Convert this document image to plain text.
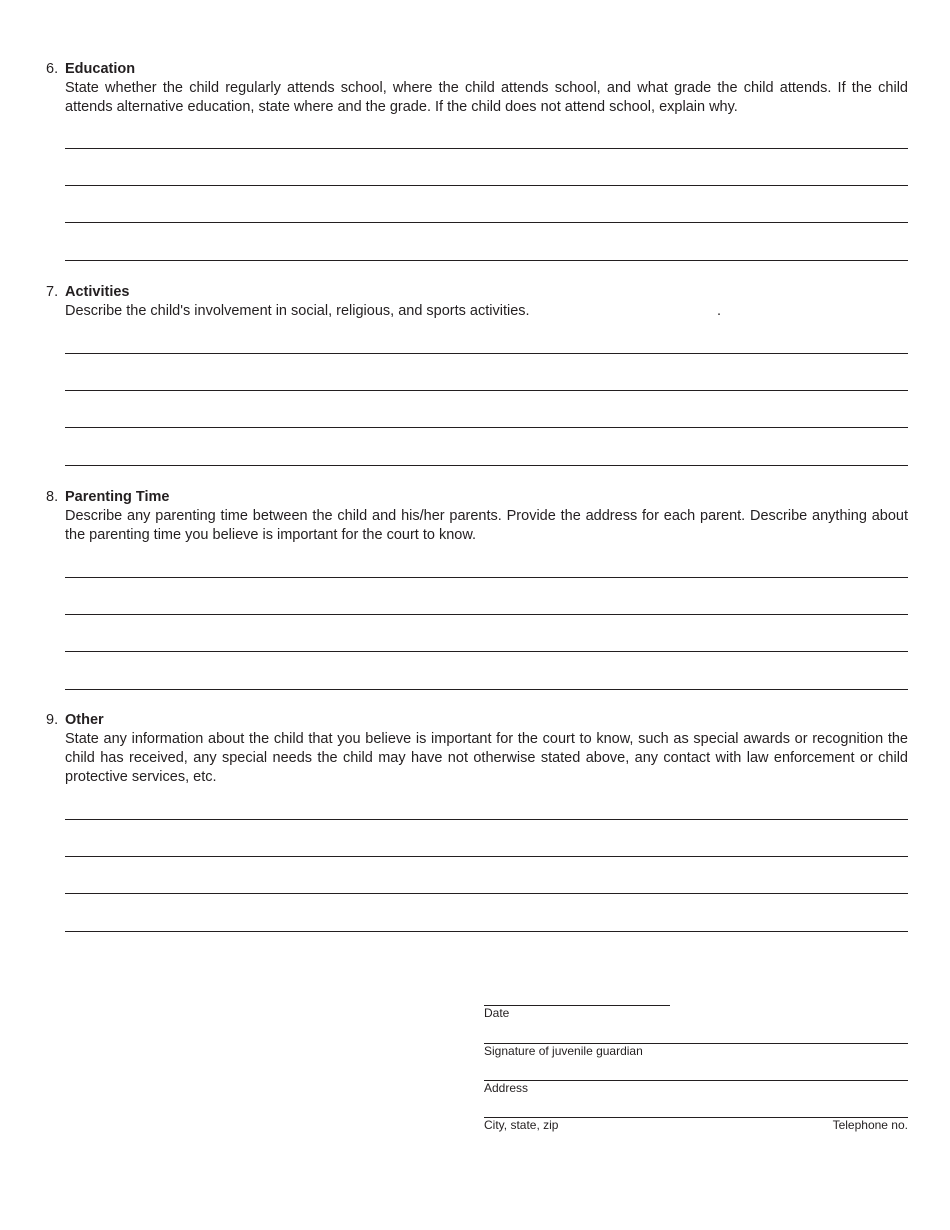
6. Education
State whether the child regularly attends school, where the child attends school, and what grade the child attends. If the child attends alternative education, state where and the grade. If the child does not attend school, explain why.
7. Activities
Describe the child's involvement in social, religious, and sports activities.	.
8. Parenting Time
Describe any parenting time between the child and his/her parents. Provide the address for each parent. Describe anything about the parenting time you believe is important for the court to know.
9. Other
State any information about the child that you believe is important for the court to know, such as special awards or recognition the child has received, any special needs the child may have not otherwise stated above, any contact with law enforcement or child protective services, etc.
Date
Signature of juvenile guardian
Address
City, state, zip	Telephone no.
